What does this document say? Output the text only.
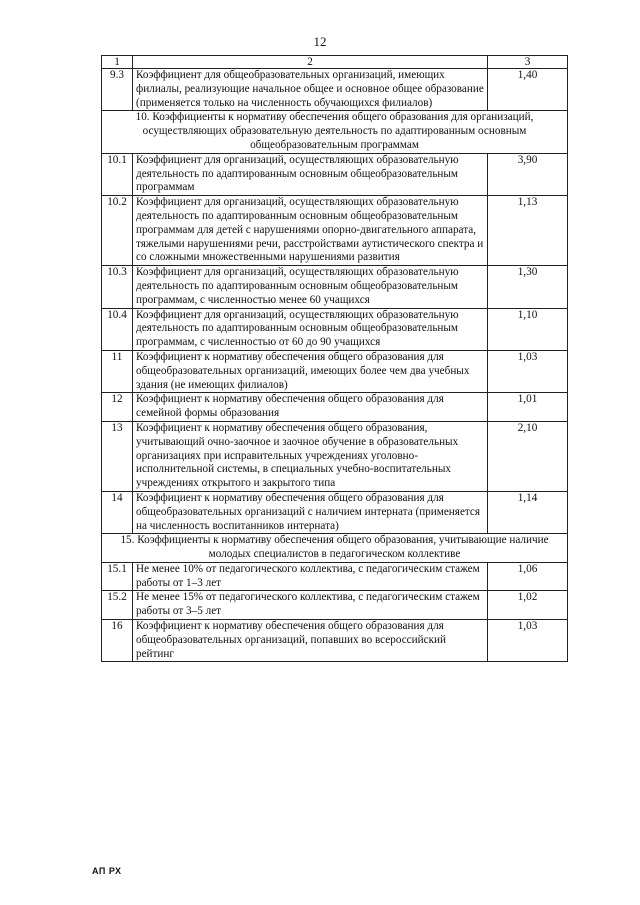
12
1	2	3
9.3	Коэффициент для общеобразовательных организаций, имеющих филиалы, реализующие начальное общее и основное общее образование (применяется только на численность обучающихся филиалов)	1,40
10. Коэффициенты к нормативу обеспечения общего образования для организаций, осуществляющих образовательную деятельность по адаптированным основным общеобразовательным программам		
10.1	Коэффициент для организаций, осуществляющих образовательную деятельность по адаптированным основным общеобразовательным программам	3,90
10.2	Коэффициент для организаций, осуществляющих образовательную деятельность по адаптированным основным общеобразовательным программам для детей с нарушениями опорно-двигательного аппарата, тяжелыми нарушениями речи, расстройствами аутистического спектра и со сложными множественными нарушениями развития	1,13
10.3	Коэффициент для организаций, осуществляющих образовательную деятельность по адаптированным основным общеобразовательным программам, с численностью менее 60 учащихся	1,30
10.4	Коэффициент для организаций, осуществляющих образовательную деятельность по адаптированным основным общеобразовательным программам, с численностью от 60 до 90 учащихся	1,10
11	Коэффициент к нормативу обеспечения общего образования для общеобразовательных организаций, имеющих более чем два учебных здания (не имеющих филиалов)	1,03
12	Коэффициент к нормативу обеспечения общего образования для семейной формы образования	1,01
13	Коэффициент к нормативу обеспечения общего образования, учитывающий очно-заочное и заочное обучение в образовательных организациях при исправительных учреждениях уголовно-исполнительной системы, в специальных учебно-воспитательных учреждениях открытого и закрытого типа	2,10
14	Коэффициент к нормативу обеспечения общего образования для общеобразовательных организаций с наличием интерната (применяется на численность воспитанников интерната)	1,14
15. Коэффициенты к нормативу обеспечения общего образования, учитывающие наличие молодых специалистов в педагогическом коллективе		
15.1	Не менее 10% от педагогического коллектива, с педагогическим стажем работы от 1–3 лет	1,06
15.2	Не менее 15% от педагогического коллектива, с педагогическим стажем работы от 3–5 лет	1,02
16	Коэффициент к нормативу обеспечения общего образования для общеобразовательных организаций, попавших во всероссийский рейтинг	1,03
АП РХ
